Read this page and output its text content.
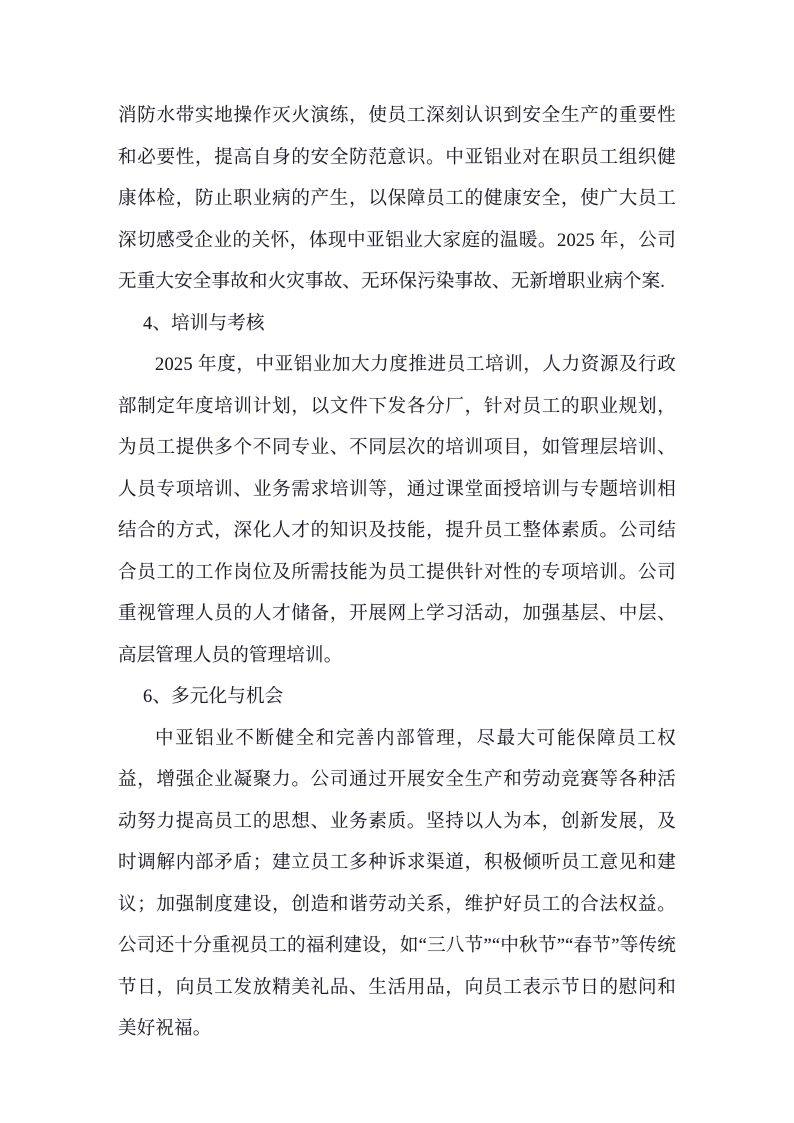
消防水带实地操作灭火演练，使员工深刻认识到安全生产的重要性和必要性，提高自身的安全防范意识。中亚铝业对在职员工组织健康体检，防止职业病的产生，以保障员工的健康安全，使广大员工深切感受企业的关怀，体现中亚铝业大家庭的温暖。2025 年，公司无重大安全事故和火灾事故、无环保污染事故、无新增职业病个案.

4、培训与考核

2025 年度，中亚铝业加大力度推进员工培训，人力资源及行政部制定年度培训计划，以文件下发各分厂，针对员工的职业规划，为员工提供多个不同专业、不同层次的培训项目，如管理层培训、人员专项培训、业务需求培训等，通过课堂面授培训与专题培训相结合的方式，深化人才的知识及技能，提升员工整体素质。公司结合员工的工作岗位及所需技能为员工提供针对性的专项培训。公司重视管理人员的人才储备，开展网上学习活动，加强基层、中层、高层管理人员的管理培训。

6、多元化与机会

中亚铝业不断健全和完善内部管理，尽最大可能保障员工权益，增强企业凝聚力。公司通过开展安全生产和劳动竞赛等各种活动努力提高员工的思想、业务素质。坚持以人为本，创新发展，及时调解内部矛盾；建立员工多种诉求渠道，积极倾听员工意见和建议；加强制度建设，创造和谐劳动关系，维护好员工的合法权益。公司还十分重视员工的福利建设，如“三八节”“中秋节”“春节”等传统节日，向员工发放精美礼品、生活用品，向员工表示节日的慰问和美好祝福。
